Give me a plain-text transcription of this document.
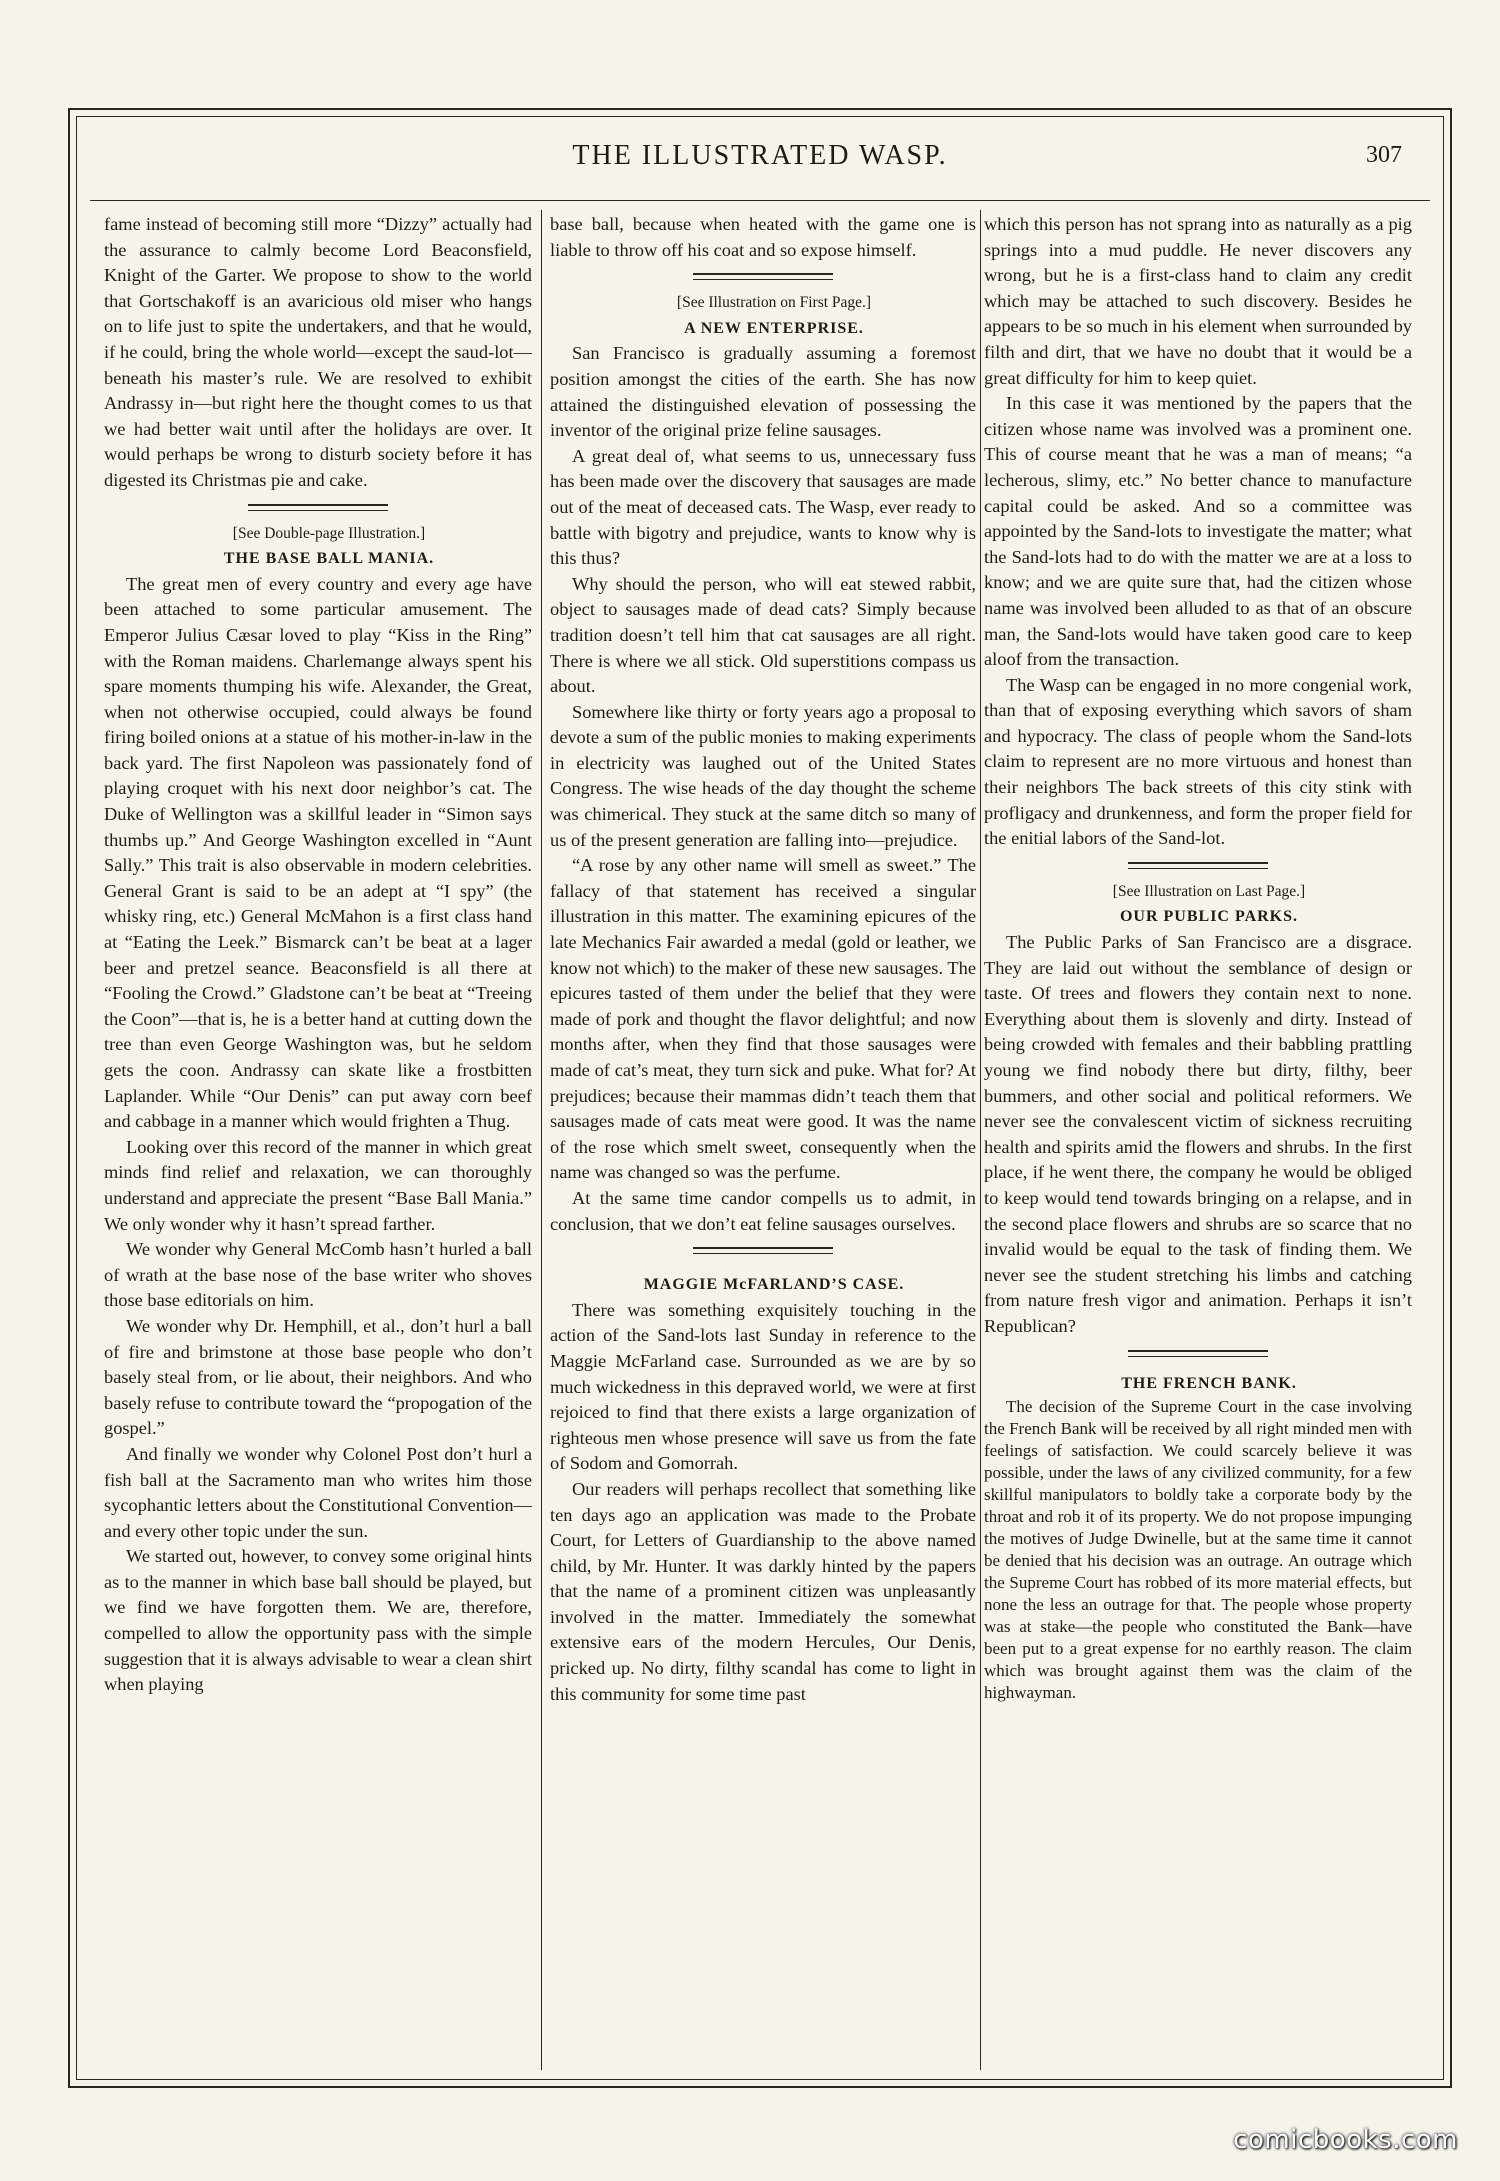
THE ILLUSTRATED WASP.	307

fame instead of becoming still more “Dizzy” actually had the assurance to calmly become Lord Beaconsfield, Knight of the Garter. We propose to show to the world that Gortschakoff is an avaricious old miser who hangs on to life just to spite the undertakers, and that he would, if he could, bring the whole world—except the saud-lot—beneath his master’s rule. We are resolved to exhibit Andrassy in—but right here the thought comes to us that we had better wait until after the holidays are over. It would perhaps be wrong to disturb society before it has digested its Christmas pie and cake.

[See Double-page Illustration.]

THE BASE BALL MANIA.

The great men of every country and every age have been attached to some particular amusement. The Emperor Julius Cæsar loved to play “Kiss in the Ring” with the Roman maidens. Charlemange always spent his spare moments thumping his wife. Alexander, the Great, when not otherwise occupied, could always be found firing boiled onions at a statue of his mother-in-law in the back yard. The first Napoleon was passionately fond of playing croquet with his next door neighbor’s cat. The Duke of Wellington was a skillful leader in “Simon says thumbs up.” And George Washington excelled in “Aunt Sally.” This trait is also observable in modern celebrities. General Grant is said to be an adept at “I spy” (the whisky ring, etc.) General McMahon is a first class hand at “Eating the Leek.” Bismarck can’t be beat at a lager beer and pretzel seance. Beaconsfield is all there at “Fooling the Crowd.” Gladstone can’t be beat at “Treeing the Coon”—that is, he is a better hand at cutting down the tree than even George Washington was, but he seldom gets the coon. Andrassy can skate like a frostbitten Laplander. While “Our Denis” can put away corn beef and cabbage in a manner which would frighten a Thug.

Looking over this record of the manner in which great minds find relief and relaxation, we can thoroughly understand and appreciate the present “Base Ball Mania.” We only wonder why it hasn’t spread farther.

We wonder why General McComb hasn’t hurled a ball of wrath at the base nose of the base writer who shoves those base editorials on him.

We wonder why Dr. Hemphill, et al., don’t hurl a ball of fire and brimstone at those base people who don’t basely steal from, or lie about, their neighbors. And who basely refuse to contribute toward the “propogation of the gospel.”

And finally we wonder why Colonel Post don’t hurl a fish ball at the Sacramento man who writes him those sycophantic letters about the Constitutional Convention—and every other topic under the sun.

We started out, however, to convey some original hints as to the manner in which base ball should be played, but we find we have forgotten them. We are, therefore, compelled to allow the opportunity pass with the simple suggestion that it is always advisable to wear a clean shirt when playing

base ball, because when heated with the game one is liable to throw off his coat and so expose himself.

[See Illustration on First Page.]

A NEW ENTERPRISE.

San Francisco is gradually assuming a foremost position amongst the cities of the earth. She has now attained the distinguished elevation of possessing the inventor of the original prize feline sausages.

A great deal of, what seems to us, unnecessary fuss has been made over the discovery that sausages are made out of the meat of deceased cats. The Wasp, ever ready to battle with bigotry and prejudice, wants to know why is this thus?

Why should the person, who will eat stewed rabbit, object to sausages made of dead cats? Simply because tradition doesn’t tell him that cat sausages are all right. There is where we all stick. Old superstitions compass us about.

Somewhere like thirty or forty years ago a proposal to devote a sum of the public monies to making experiments in electricity was laughed out of the United States Congress. The wise heads of the day thought the scheme was chimerical. They stuck at the same ditch so many of us of the present generation are falling into—prejudice.

“A rose by any other name will smell as sweet.” The fallacy of that statement has received a singular illustration in this matter. The examining epicures of the late Mechanics Fair awarded a medal (gold or leather, we know not which) to the maker of these new sausages. The epicures tasted of them under the belief that they were made of pork and thought the flavor delightful; and now months after, when they find that those sausages were made of cat’s meat, they turn sick and puke. What for? At prejudices; because their mammas didn’t teach them that sausages made of cats meat were good. It was the name of the rose which smelt sweet, consequently when the name was changed so was the perfume.

At the same time candor compells us to admit, in conclusion, that we don’t eat feline sausages ourselves.

MAGGIE McFARLAND’S CASE.

There was something exquisitely touching in the action of the Sand-lots last Sunday in reference to the Maggie McFarland case. Surrounded as we are by so much wickedness in this depraved world, we were at first rejoiced to find that there exists a large organization of righteous men whose presence will save us from the fate of Sodom and Gomorrah.

Our readers will perhaps recollect that something like ten days ago an application was made to the Probate Court, for Letters of Guardianship to the above named child, by Mr. Hunter. It was darkly hinted by the papers that the name of a prominent citizen was unpleasantly involved in the matter. Immediately the somewhat extensive ears of the modern Hercules, Our Denis, pricked up. No dirty, filthy scandal has come to light in this community for some time past

which this person has not sprang into as naturally as a pig springs into a mud puddle. He never discovers any wrong, but he is a first-class hand to claim any credit which may be attached to such discovery. Besides he appears to be so much in his element when surrounded by filth and dirt, that we have no doubt that it would be a great difficulty for him to keep quiet.

In this case it was mentioned by the papers that the citizen whose name was involved was a prominent one. This of course meant that he was a man of means; “a lecherous, slimy, etc.” No better chance to manufacture capital could be asked. And so a committee was appointed by the Sand-lots to investigate the matter; what the Sand-lots had to do with the matter we are at a loss to know; and we are quite sure that, had the citizen whose name was involved been alluded to as that of an obscure man, the Sand-lots would have taken good care to keep aloof from the transaction.

The Wasp can be engaged in no more congenial work, than that of exposing everything which savors of sham and hypocracy. The class of people whom the Sand-lots claim to represent are no more virtuous and honest than their neighbors The back streets of this city stink with profligacy and drunkenness, and form the proper field for the enitial labors of the Sand-lot.

[See Illustration on Last Page.]

OUR PUBLIC PARKS.

The Public Parks of San Francisco are a disgrace. They are laid out without the semblance of design or taste. Of trees and flowers they contain next to none. Everything about them is slovenly and dirty. Instead of being crowded with females and their babbling prattling young we find nobody there but dirty, filthy, beer bummers, and other social and political reformers. We never see the convalescent victim of sickness recruiting health and spirits amid the flowers and shrubs. In the first place, if he went there, the company he would be obliged to keep would tend towards bringing on a relapse, and in the second place flowers and shrubs are so scarce that no invalid would be equal to the task of finding them. We never see the student stretching his limbs and catching from nature fresh vigor and animation. Perhaps it isn’t Republican?

THE FRENCH BANK.

The decision of the Supreme Court in the case involving the French Bank will be received by all right minded men with feelings of satisfaction. We could scarcely believe it was possible, under the laws of any civilized community, for a few skillful manipulators to boldly take a corporate body by the throat and rob it of its property. We do not propose impunging the motives of Judge Dwinelle, but at the same time it cannot be denied that his decision was an outrage. An outrage which the Supreme Court has robbed of its more material effects, but none the less an outrage for that. The people whose property was at stake—the people who constituted the Bank—have been put to a great expense for no earthly reason. The claim which was brought against them was the claim of the highwayman.

comicbooks.com
